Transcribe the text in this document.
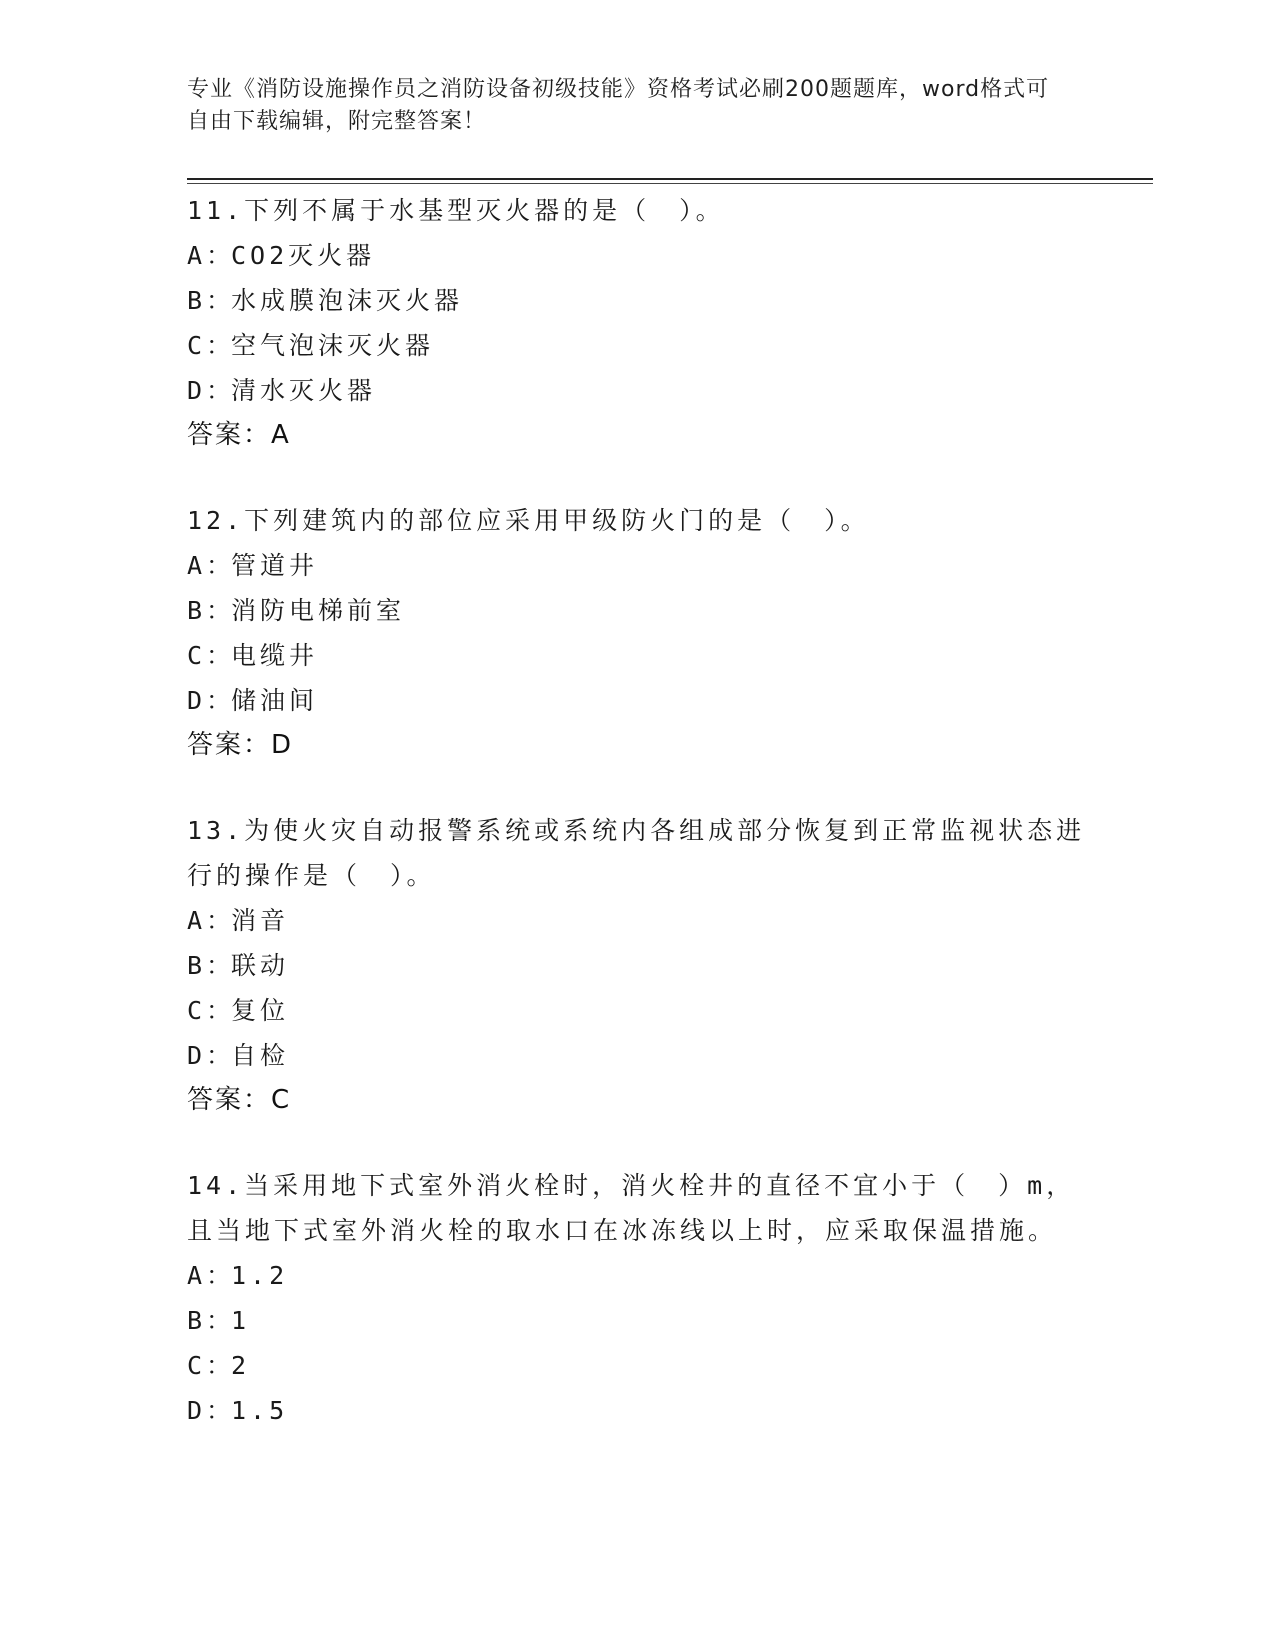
专业《消防设施操作员之消防设备初级技能》资格考试必刷200题题库，word格式可自由下载编辑，附完整答案！
11.下列不属于水基型灭火器的是（　）。
A：CO2灭火器
B：水成膜泡沫灭火器
C：空气泡沫灭火器
D：清水灭火器
答案：A
12.下列建筑内的部位应采用甲级防火门的是（　）。
A：管道井
B：消防电梯前室
C：电缆井
D：储油间
答案：D
13.为使火灾自动报警系统或系统内各组成部分恢复到正常监视状态进
行的操作是（　）。
A：消音
B：联动
C：复位
D：自检
答案：C
14.当采用地下式室外消火栓时，消火栓井的直径不宜小于（　）m，
且当地下式室外消火栓的取水口在冰冻线以上时，应采取保温措施。
A：1.2
B：1
C：2
D：1.5
